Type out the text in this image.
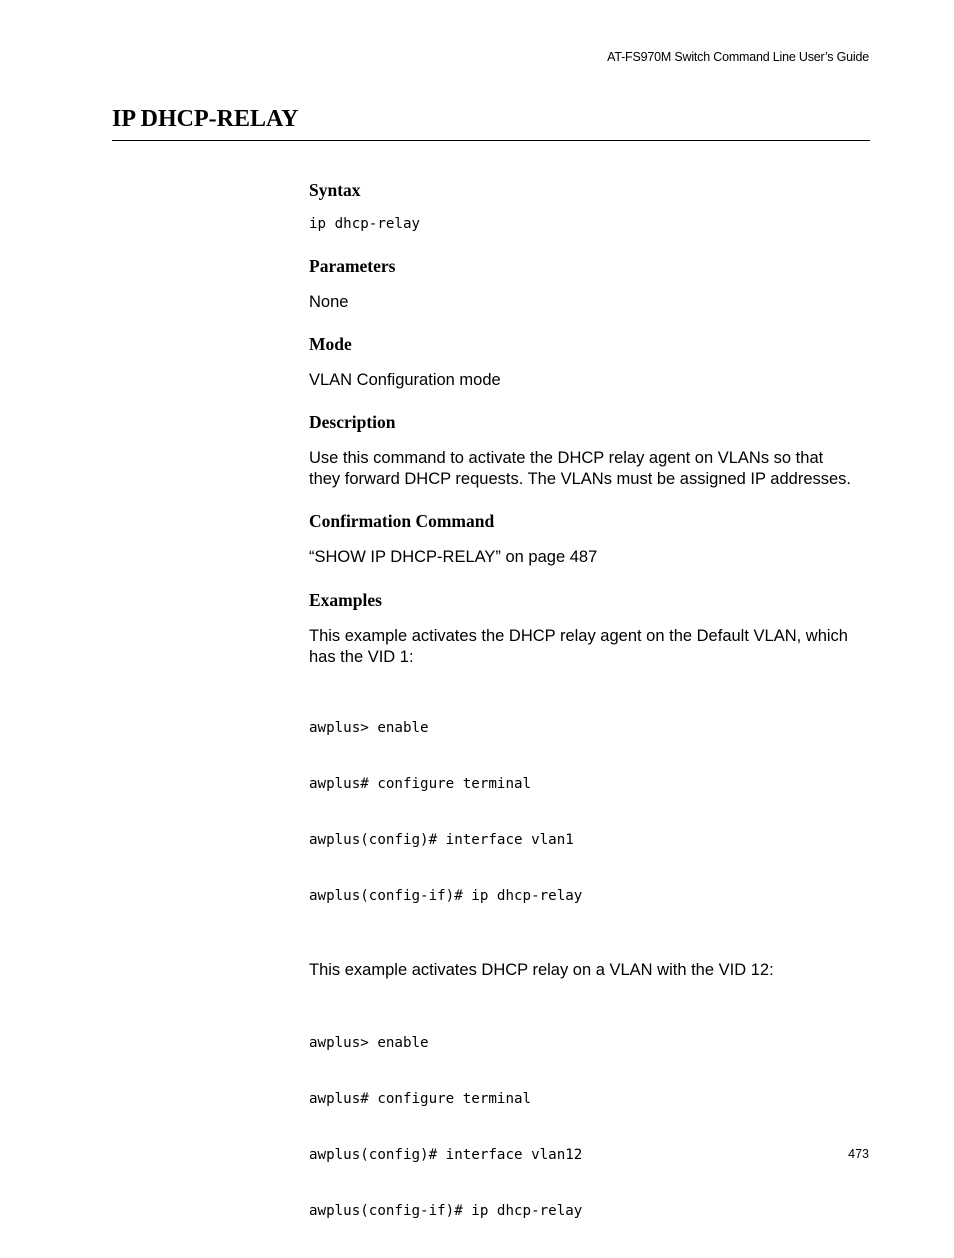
AT-FS970M Switch Command Line User’s Guide
IP DHCP-RELAY
Syntax
ip dhcp-relay
Parameters

None

Mode

VLAN Configuration mode

Description

Use this command to activate the DHCP relay agent on VLANs so that
they forward DHCP requests. The VLANs must be assigned IP addresses.

Confirmation Command

“SHOW IP DHCP-RELAY” on page 487

Examples

This example activates the DHCP relay agent on the Default VLAN, which
has the VID 1:

awplus> enable

awplus# configure terminal

awplus(config)# interface vlan1

awplus(config-if)# ip dhcp-relay

This example activates DHCP relay on a VLAN with the VID 12:

awplus> enable

awplus# configure terminal

awplus(config)# interface vlan12

awplus(config-if)# ip dhcp-relay

473
